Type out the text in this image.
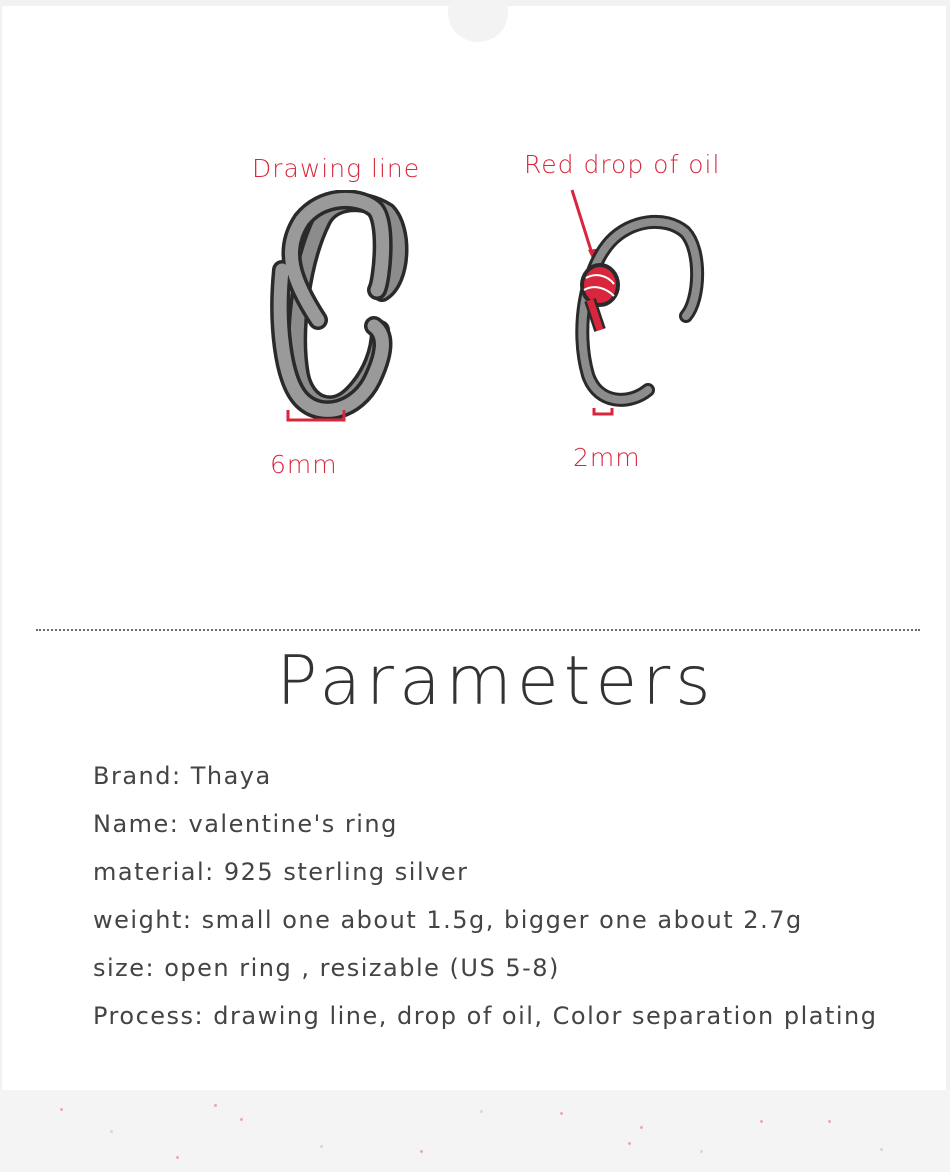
Drawing line	Red drop of oil
6mm	2mm
Parameters
Brand: Thaya
Name: valentine's ring
material: 925 sterling silver
weight: small one about 1.5g, bigger one about 2.7g
size: open ring , resizable (US 5-8)
Process: drawing line, drop of oil, Color separation plating
